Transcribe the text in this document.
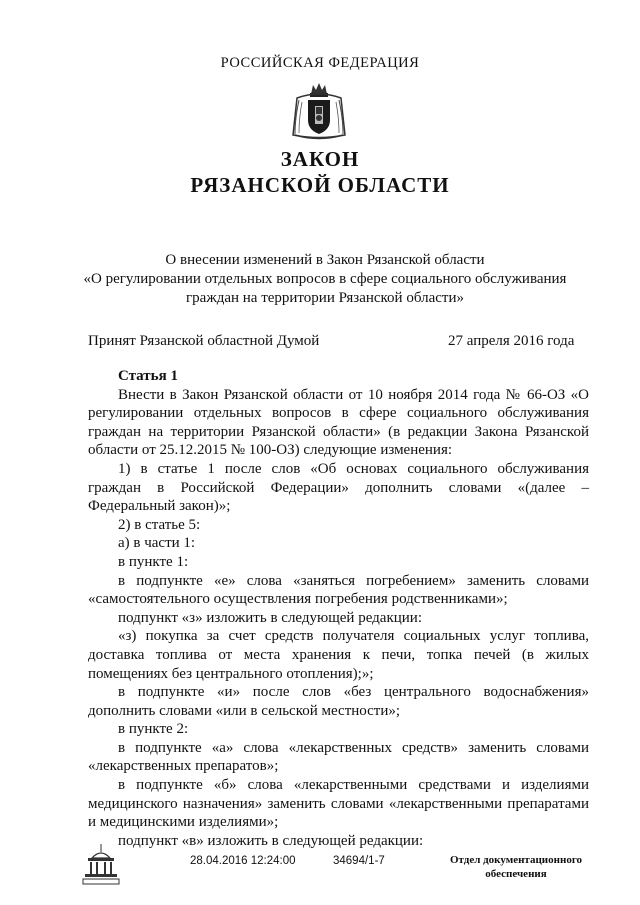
РОССИЙСКАЯ ФЕДЕРАЦИЯ
ЗАКОН
РЯЗАНСКОЙ ОБЛАСТИ
О внесении изменений в Закон Рязанской области
«О регулировании отдельных вопросов в сфере социального обслуживания
граждан на территории Рязанской области»
Принят Рязанской областной Думой	27 апреля 2016 года
Статья 1

Внести в Закон Рязанской области от 10 ноября 2014 года № 66-ОЗ «О регулировании отдельных вопросов в сфере социального обслуживания граждан на территории Рязанской области» (в редакции Закона Рязанской области от 25.12.2015 № 100-ОЗ) следующие изменения:

1) в статье 1 после слов «Об основах социального обслуживания граждан в Российской Федерации» дополнить словами «(далее – Федеральный закон)»;

2) в статье 5:

а) в части 1:

в пункте 1:

в подпункте «е» слова «заняться погребением» заменить словами «самостоятельного осуществления погребения родственниками»;

подпункт «з» изложить в следующей редакции:

«з) покупка за счет средств получателя социальных услуг топлива, доставка топлива от места хранения к печи, топка печей (в жилых помещениях без центрального отопления);»;

в подпункте «и» после слов «без центрального водоснабжения» дополнить словами «или в сельской местности»;

в пункте 2:

в подпункте «а» слова «лекарственных средств» заменить словами «лекарственных препаратов»;

в подпункте «б» слова «лекарственными средствами и изделиями медицинского назначения» заменить словами «лекарственными препаратами и медицинскими изделиями»;

подпункт «в» изложить в следующей редакции:

28.04.2016 12:24:00	34694/1-7	Отдел документационного
обеспечения
